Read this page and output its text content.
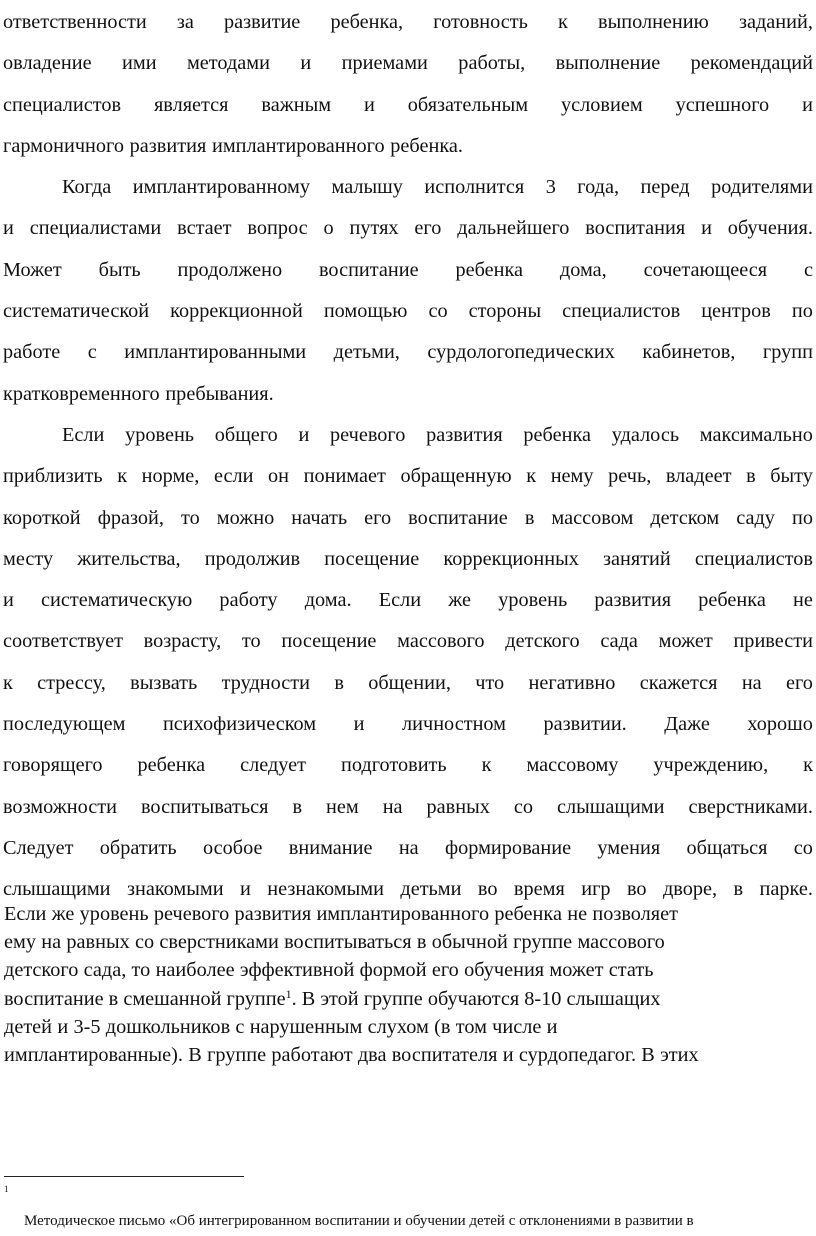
ответственности за развитие ребенка, готовность к выполнению заданий,
овладение ими методами и приемами работы, выполнение рекомендаций
специалистов является важным и обязательным условием успешного и
гармоничного развития имплантированного ребенка.
Когда имплантированному малышу исполнится 3 года, перед родителями
и специалистами встает вопрос о путях его дальнейшего воспитания и обучения.
Может быть продолжено воспитание ребенка дома, сочетающееся с
систематической коррекционной помощью со стороны специалистов центров по
работе с имплантированными детьми, сурдологопедических кабинетов, групп
кратковременного пребывания.
Если уровень общего и речевого развития ребенка удалось максимально
приблизить к норме, если он понимает обращенную к нему речь, владеет в быту
короткой фразой, то можно начать его воспитание в массовом детском саду по
месту жительства, продолжив посещение коррекционных занятий специалистов
и систематическую работу дома. Если же уровень развития ребенка не
соответствует возрасту, то посещение массового детского сада может привести
к стрессу, вызвать трудности в общении, что негативно скажется на его
последующем психофизическом и личностном развитии. Даже хорошо
говорящего ребенка следует подготовить к массовому учреждению, к
возможности воспитываться в нем на равных со слышащими сверстниками.
Следует обратить особое внимание на формирование умения общаться со
слышащими знакомыми и незнакомыми детьми во время игр во дворе, в парке.
Если же уровень речевого развития имплантированного ребенка не позволяет
ему на равных со сверстниками воспитываться в обычной группе массового
детского сада, то наиболее эффективной формой его обучения может стать
воспитание в смешанной группе$^1$. В этой группе обучаются 8-10 слышащих
детей и 3-5 дошкольников с нарушенным слухом (в том числе и
имплантированные). В группе работают два воспитателя и сурдопедагог. В этих
1
Методическое письмо «Об интегрированном воспитании и обучении детей с отклонениями в развитии в
